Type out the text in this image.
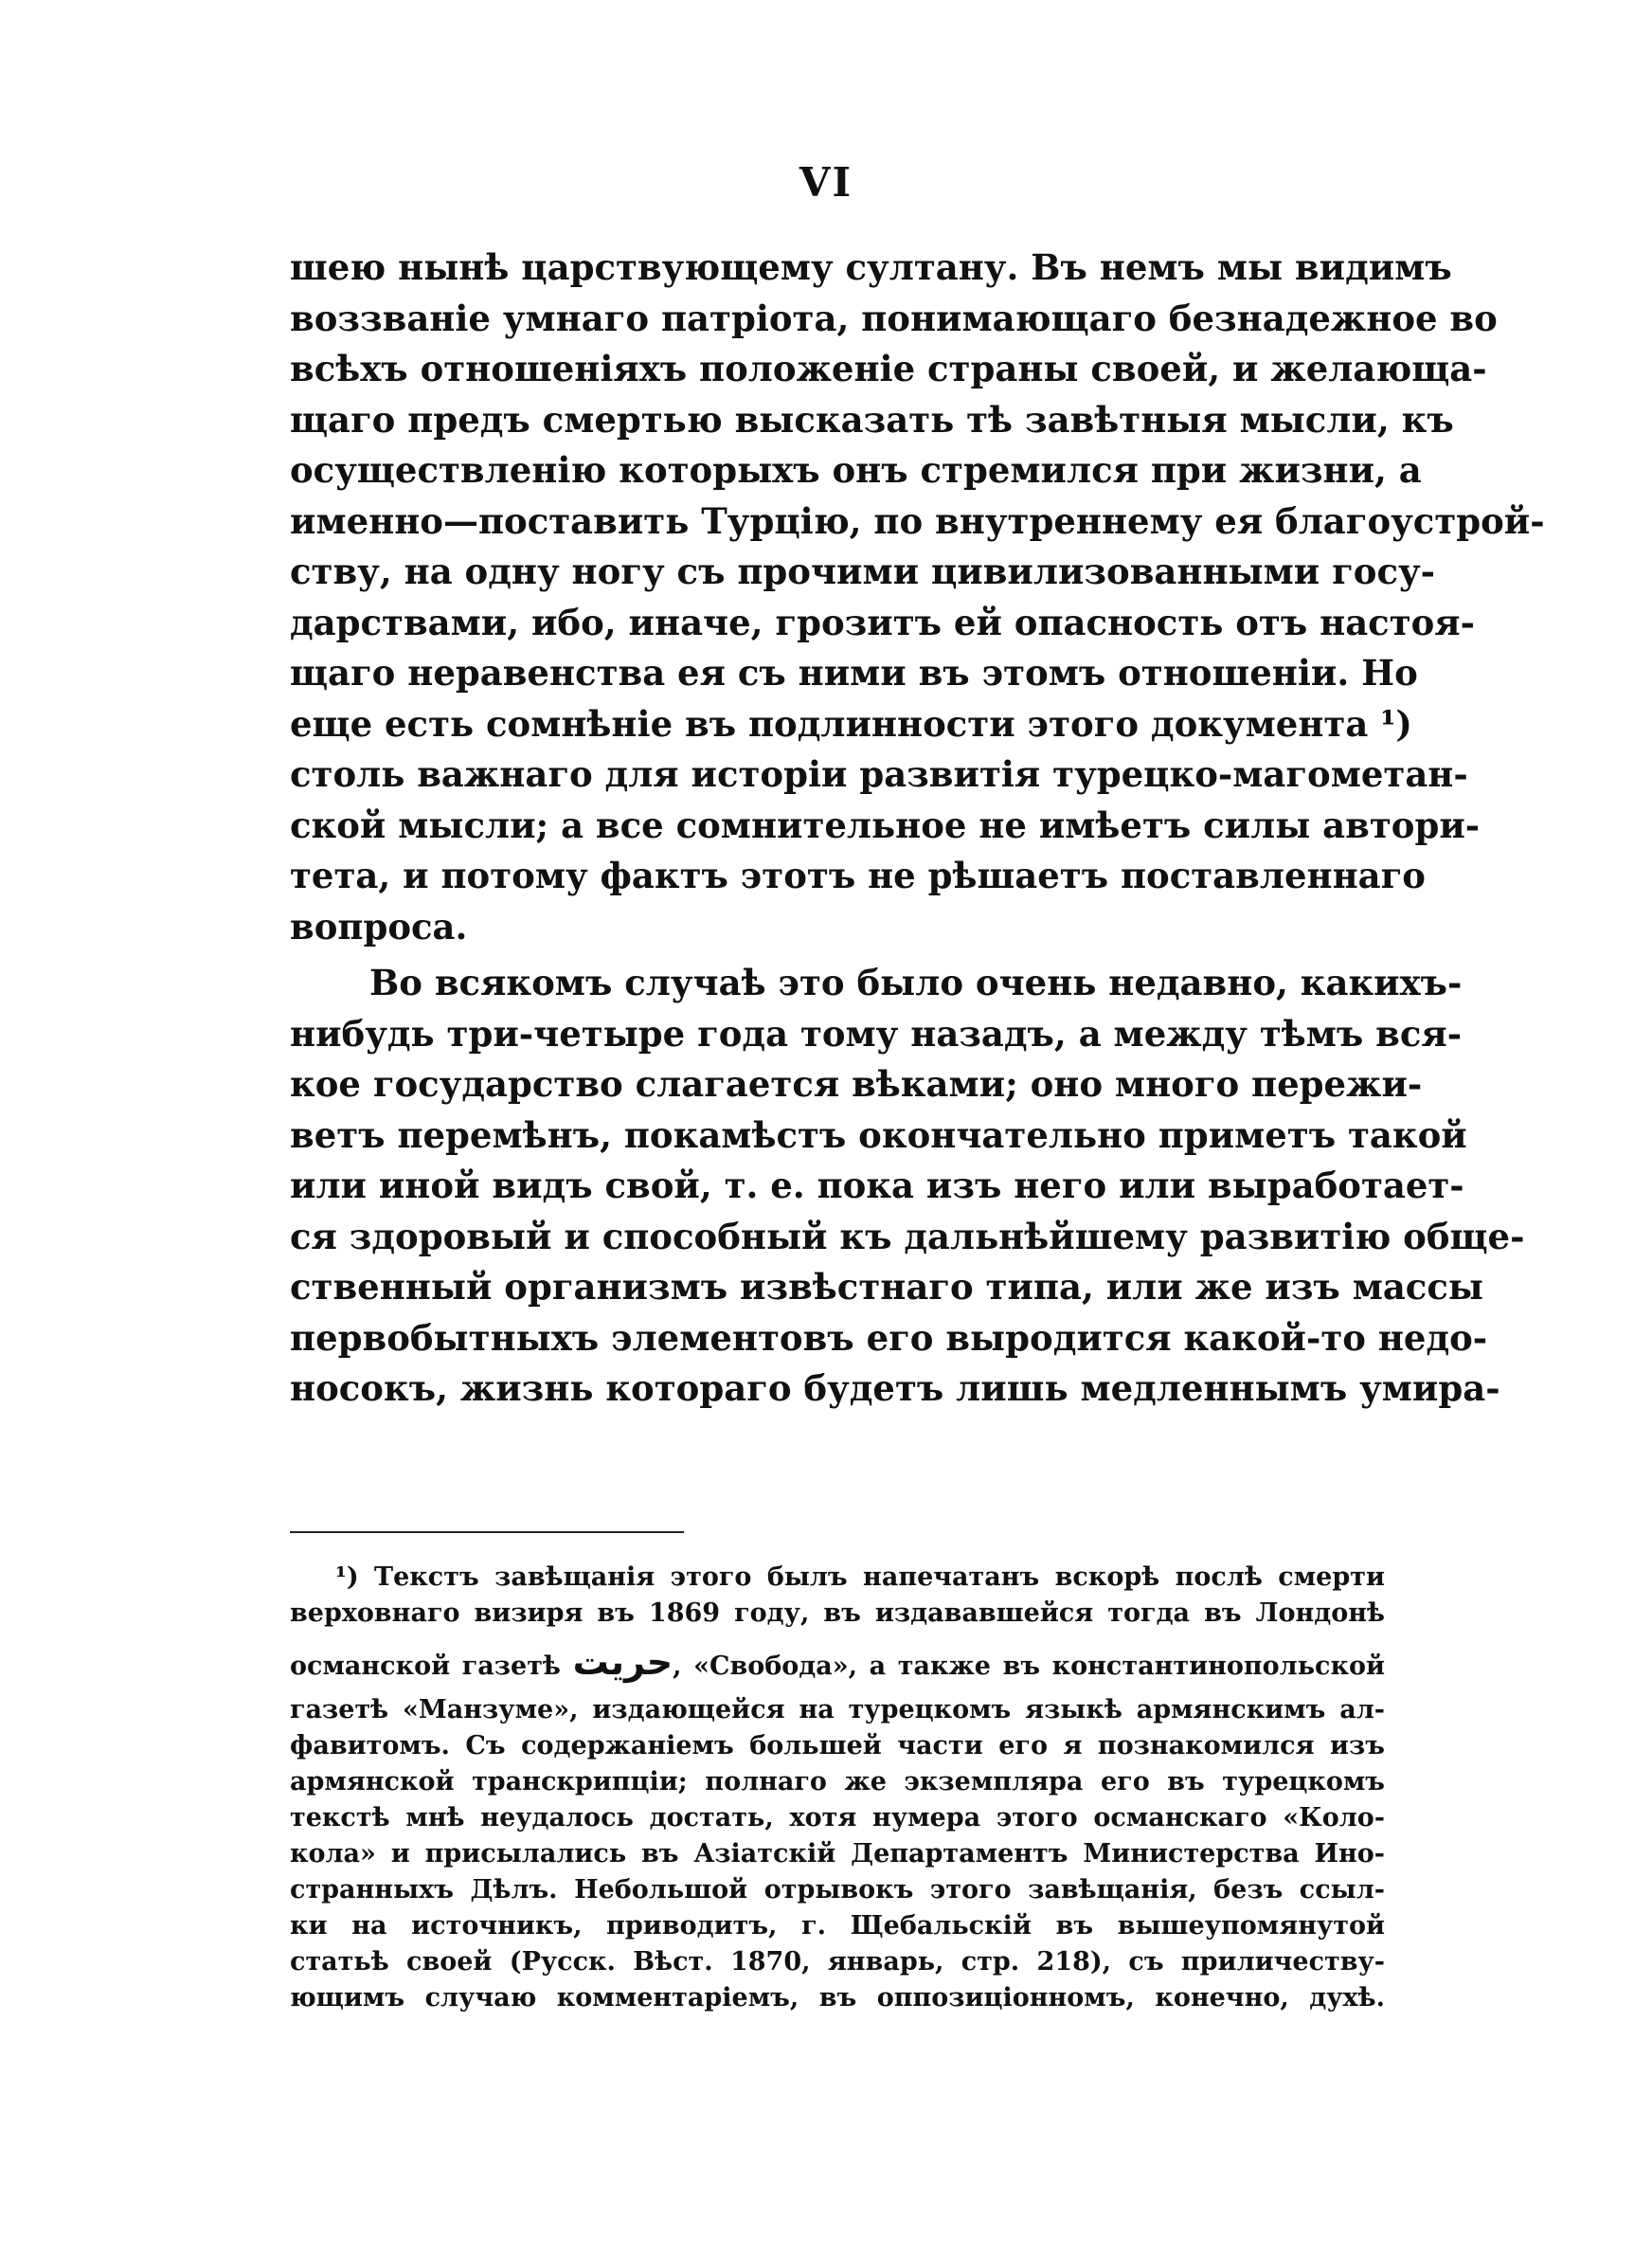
VI
шею нынѣ царствующему султану. Въ немъ мы видимъ
воззваніе умнаго патріота, понимающаго безнадежное во
всѣхъ отношеніяхъ положеніе страны своей, и желающа-
щаго предъ смертью высказать тѣ завѣтныя мысли, къ
осуществленію которыхъ онъ стремился при жизни, а
именно—поставить Турцію, по внутреннему ея благоустрой-
ству, на одну ногу съ прочими цивилизованными госу-
дарствами, ибо, иначе, грозитъ ей опасность отъ настоя-
щаго неравенства ея съ ними въ этомъ отношеніи. Но
еще есть сомнѣніе въ подлинности этого документа ¹)
столь важнаго для исторіи развитія турецко-магометан-
ской мысли; а все сомнительное не имѣетъ силы автори-
тета, и потому фактъ этотъ не рѣшаетъ поставленнаго
вопроса.
Во всякомъ случаѣ это было очень недавно, какихъ-
нибудь три-четыре года тому назадъ, а между тѣмъ вся-
кое государство слагается вѣками; оно много пережи-
ветъ перемѣнъ, покамѣстъ окончательно приметъ такой
или иной видъ свой, т. е. пока изъ него или выработает-
ся здоровый и способный къ дальнѣйшему развитію обще-
ственный организмъ извѣстнаго типа, или же изъ массы
первобытныхъ элементовъ его выродится какой-то недо-
носокъ, жизнь котораго будетъ лишь медленнымъ умира-
¹) Текстъ завѣщанія этого былъ напечатанъ вскорѣ послѣ смерти
верховнаго визиря въ 1869 году, въ издававшейся тогда въ Лондонѣ
османской газетѣ حریت, «Свобода», а также въ константинопольской
газетѣ «Манзуме», издающейся на турецкомъ языкѣ армянскимъ ал-
фавитомъ. Съ содержаніемъ большей части его я познакомился изъ
армянской транскрипціи; полнаго же экземпляра его въ турецкомъ
текстѣ мнѣ неудалось достать, хотя нумера этого османскаго «Коло-
кола» и присылались въ Азіатскій Департаментъ Министерства Ино-
странныхъ Дѣлъ. Небольшой отрывокъ этого завѣщанія, безъ ссыл-
ки на источникъ, приводитъ, г. Щебальскій въ вышеупомянутой
статьѣ своей (Русск. Вѣст. 1870, январь, стр. 218), съ приличеству-
ющимъ случаю комментаріемъ, въ оппозиціонномъ, конечно, духѣ.
